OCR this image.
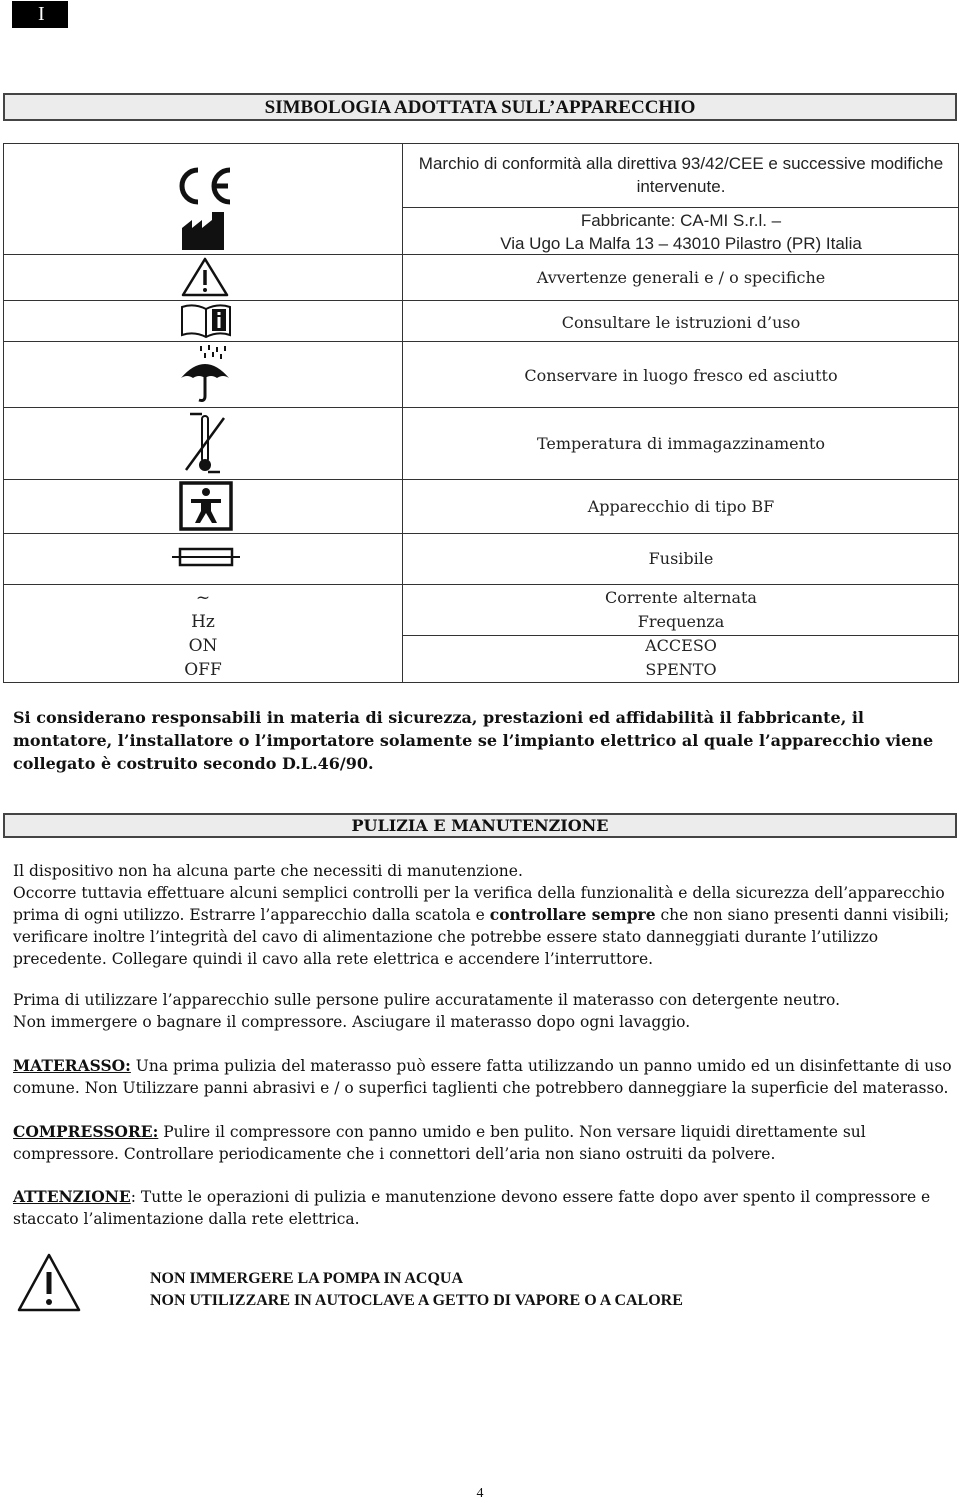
I
SIMBOLOGIA ADOTTATA SULL’APPARECCHIO
Marchio di conformità alla direttiva 93/42/CEE e successive modifiche intervenute.
Fabbricante: CA-MI S.r.l. –
Via Ugo La Malfa 13 – 43010 Pilastro (PR) Italia
Avvertenze generali e / o specifiche
Consultare le istruzioni d’uso
Conservare in luogo fresco ed asciutto
Temperatura di immagazzinamento
Apparecchio di tipo BF
Fusibile
~	Corrente alternata
Hz	Frequenza
ON	ACCESO
OFF	SPENTO
Si considerano responsabili in materia di sicurezza, prestazioni ed affidabilità il fabbricante, il montatore, l’installatore o l’importatore solamente se l’impianto elettrico al quale l’apparecchio viene collegato è costruito secondo D.L.46/90.
PULIZIA E MANUTENZIONE

Il dispositivo non ha alcuna parte che necessiti di manutenzione.

Occorre tuttavia effettuare alcuni semplici controlli per la verifica della funzionalità e della sicurezza dell’apparecchio prima di ogni utilizzo. Estrarre l’apparecchio dalla scatola e controllare sempre che non siano presenti danni visibili; verificare inoltre l’integrità del cavo di alimentazione che potrebbe essere stato danneggiati durante l’utilizzo precedente. Collegare quindi il cavo alla rete elettrica e accendere l’interruttore.

Prima di utilizzare l’apparecchio sulle persone pulire accuratamente il materasso con detergente neutro.

Non immergere o bagnare il compressore. Asciugare il materasso dopo ogni lavaggio.

MATERASSO: Una prima pulizia del materasso può essere fatta utilizzando un panno umido ed un disinfettante di uso comune. Non Utilizzare panni abrasivi e / o superfici taglienti che potrebbero danneggiare la superficie del materasso.

COMPRESSORE: Pulire il compressore con panno umido e ben pulito. Non versare liquidi direttamente sul compressore. Controllare periodicamente che i connettori dell’aria non siano ostruiti da polvere.

ATTENZIONE: Tutte le operazioni di pulizia e manutenzione devono essere fatte dopo aver spento il compressore e staccato l’alimentazione dalla rete elettrica.

NON IMMERGERE LA POMPA IN ACQUA
NON UTILIZZARE IN AUTOCLAVE A GETTO DI VAPORE O A CALORE
4
